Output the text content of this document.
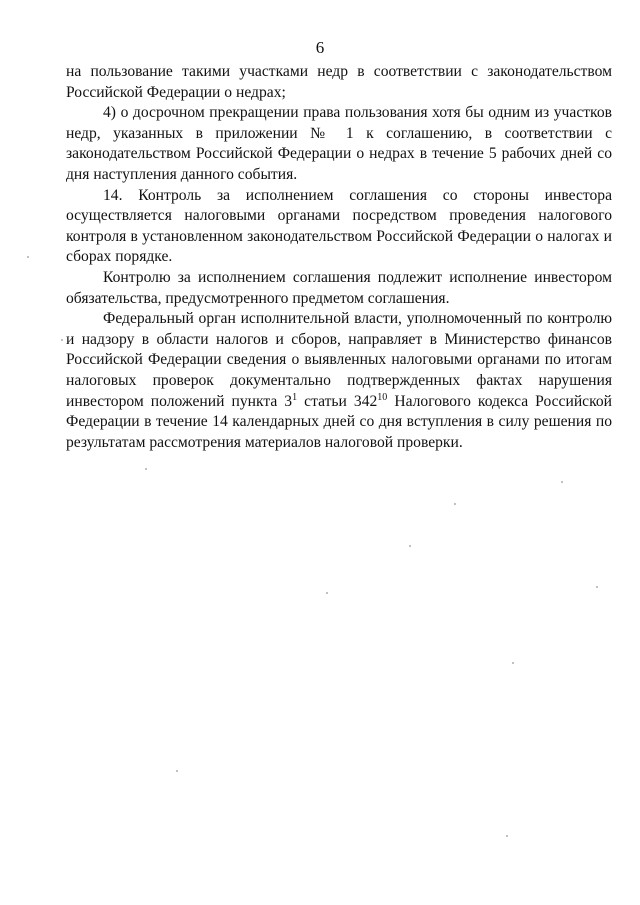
6

на пользование такими участками недр в соответствии с законодательством Российской Федерации о недрах;

4) о досрочном прекращении права пользования хотя бы одним из участков недр, указанных в приложении № 1 к соглашению, в соответствии с законодательством Российской Федерации о недрах в течение 5 рабочих дней со дня наступления данного события.

14. Контроль за исполнением соглашения со стороны инвестора осуществляется налоговыми органами посредством проведения налогового контроля в установленном законодательством Российской Федерации о налогах и сборах порядке.

Контролю за исполнением соглашения подлежит исполнение инвестором обязательства, предусмотренного предметом соглашения.

Федеральный орган исполнительной власти, уполномоченный по контролю и надзору в области налогов и сборов, направляет в Министерство финансов Российской Федерации сведения о выявленных налоговыми органами по итогам налоговых проверок документально подтвержденных фактах нарушения инвестором положений пункта $3^1$ статьи $342^{10}$ Налогового кодекса Российской Федерации в течение 14 календарных дней со дня вступления в силу решения по результатам рассмотрения материалов налоговой проверки.
